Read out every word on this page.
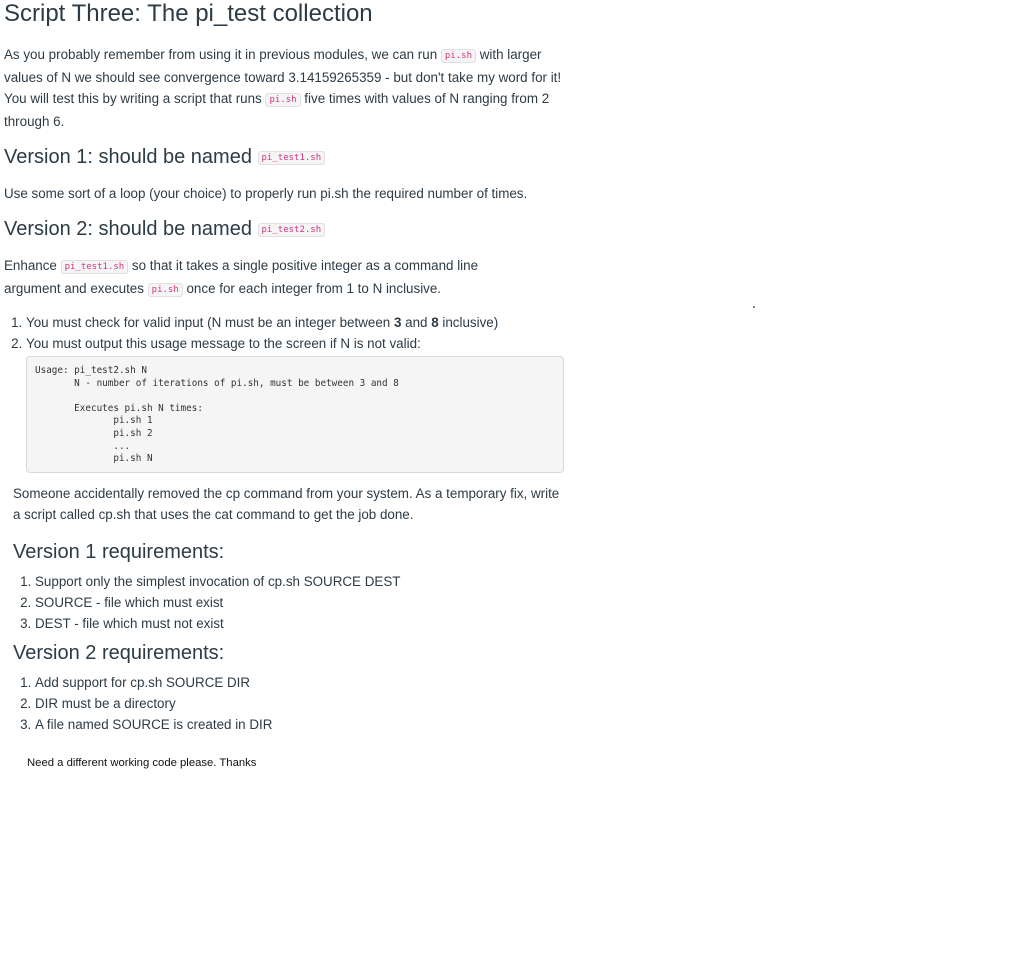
Script Three: The pi_test collection

As you probably remember from using it in previous modules, we can run pi.sh with larger values of N we should see convergence toward 3.14159265359 - but don't take my word for it! You will test this by writing a script that runs pi.sh five times with values of N ranging from 2 through 6.

Version 1: should be named pi_test1.sh

Use some sort of a loop (your choice) to properly run pi.sh the required number of times.

Version 2: should be named pi_test2.sh

Enhance pi_test1.sh so that it takes a single positive integer as a command line argument and executes pi.sh once for each integer from 1 to N inclusive.

1. You must check for valid input (N must be an integer between 3 and 8 inclusive)
2. You must output this usage message to the screen if N is not valid:
Usage: pi_test2.sh N
N - number of iterations of pi.sh, must be between 3 and 8

Executes pi.sh N times:
pi.sh 1
pi.sh 2
...
pi.sh N

Someone accidentally removed the cp command from your system. As a temporary fix, write a script called cp.sh that uses the cat command to get the job done.

Version 1 requirements:
1. Support only the simplest invocation of cp.sh SOURCE DEST
2. SOURCE - file which must exist
3. DEST - file which must not exist
Version 2 requirements:
1. Add support for cp.sh SOURCE DIR
2. DIR must be a directory
3. A file named SOURCE is created in DIR

Need a different working code please. Thanks
